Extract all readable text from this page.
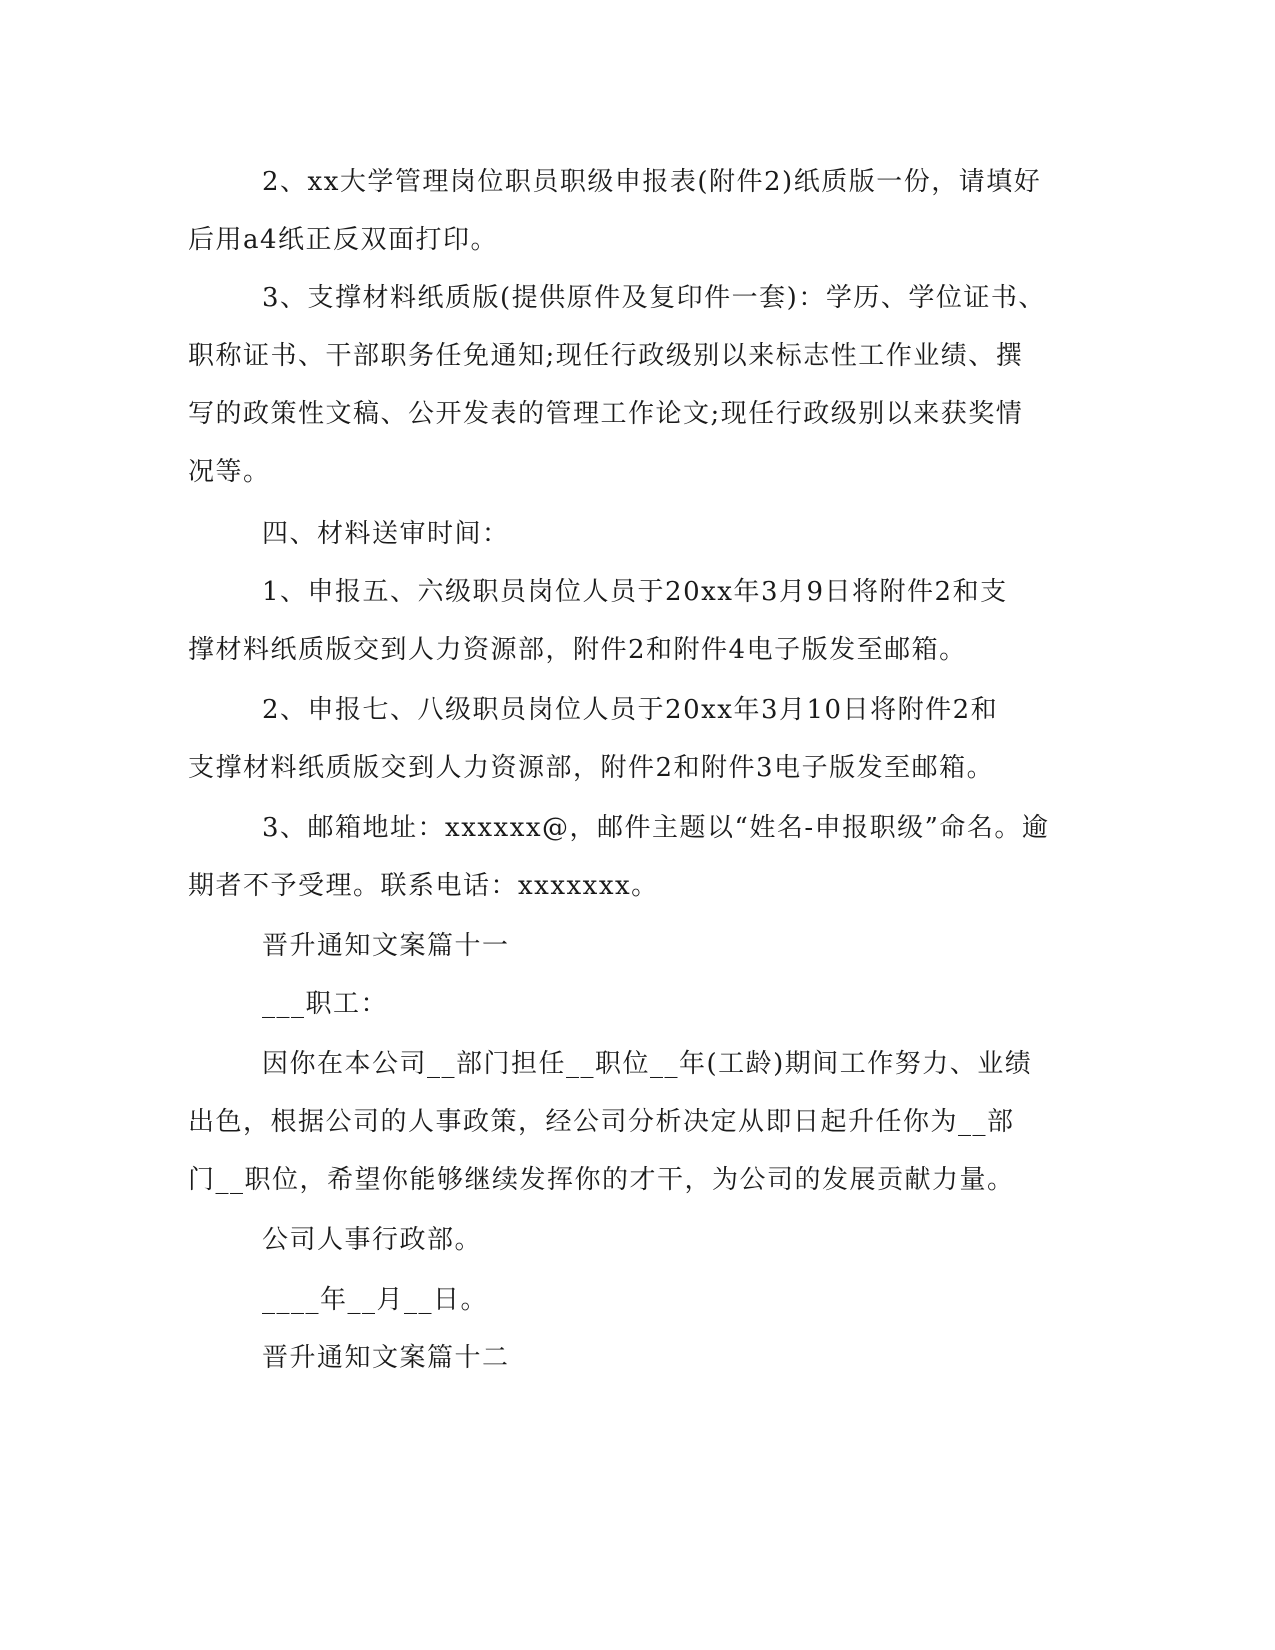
2、xx大学管理岗位职员职级申报表(附件2)纸质版一份，请填好
后用a4纸正反双面打印。
3、支撑材料纸质版(提供原件及复印件一套)：学历、学位证书、
职称证书、干部职务任免通知;现任行政级别以来标志性工作业绩、撰
写的政策性文稿、公开发表的管理工作论文;现任行政级别以来获奖情
况等。
四、材料送审时间：
1、申报五、六级职员岗位人员于20xx年3月9日将附件2和支
撑材料纸质版交到人力资源部，附件2和附件4电子版发至邮箱。
2、申报七、八级职员岗位人员于20xx年3月10日将附件2和
支撑材料纸质版交到人力资源部，附件2和附件3电子版发至邮箱。
3、邮箱地址：xxxxxx@，邮件主题以“姓名-申报职级”命名。逾
期者不予受理。联系电话：xxxxxxx。
晋升通知文案篇十一
___职工：
因你在本公司__部门担任__职位__年(工龄)期间工作努力、业绩
出色，根据公司的人事政策，经公司分析决定从即日起升任你为__部
门__职位，希望你能够继续发挥你的才干，为公司的发展贡献力量。
公司人事行政部。
____年__月__日。
晋升通知文案篇十二
